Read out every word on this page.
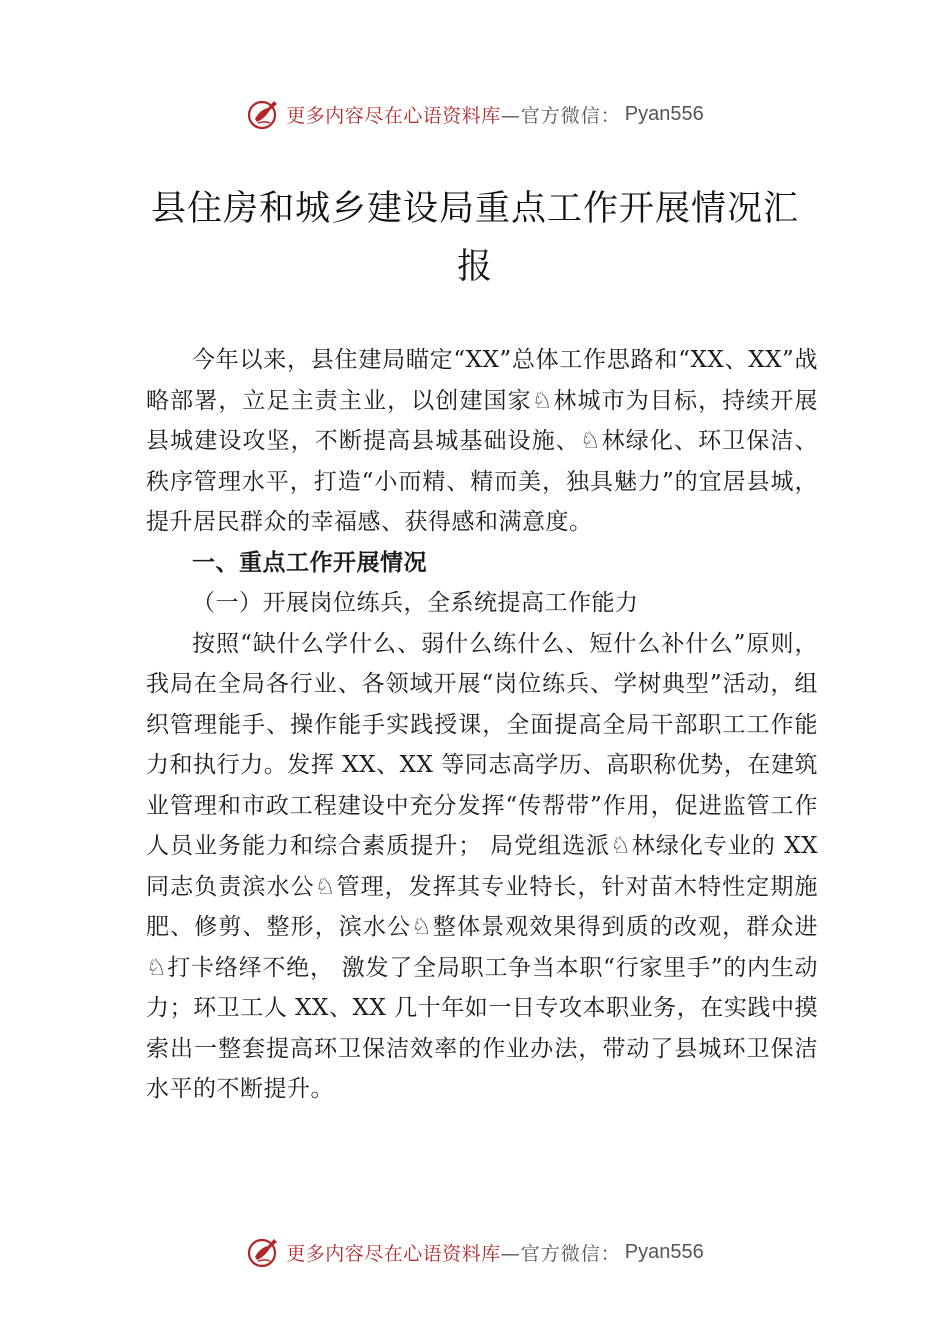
更多内容尽在心语资料库 —官方微信： Pyan556
县住房和城乡建设局重点工作开展情况汇报

今年以来，县住建局瞄定“XX”总体工作思路和“XX、XX”战略部署，立足主责主业，以创建国家♘林城市为目标，持续开展县城建设攻坚，不断提高县城基础设施、♘林绿化、环卫保洁、秩序管理水平，打造“小而精、精而美，独具魅力”的宜居县城，提升居民群众的幸福感、获得感和满意度。

一、重点工作开展情况

（一）开展岗位练兵，全系统提高工作能力

按照“缺什么学什么、弱什么练什么、短什么补什么”原则，我局在全局各行业、各领域开展“岗位练兵、学树典型”活动，组织管理能手、操作能手实践授课，全面提高全局干部职工工作能力和执行力。发挥 XX、XX 等同志高学历、高职称优势，在建筑业管理和市政工程建设中充分发挥“传帮带”作用，促进监管工作人员业务能力和综合素质提升； 局党组选派♘林绿化专业的 XX 同志负责滨水公♘管理，发挥其专业特长，针对苗木特性定期施肥、修剪、整形，滨水公♘整体景观效果得到质的改观，群众进♘打卡络绎不绝， 激发了全局职工争当本职“行家里手”的内生动力；环卫工人 XX、XX 几十年如一日专攻本职业务，在实践中摸索出一整套提高环卫保洁效率的作业办法，带动了县城环卫保洁水平的不断提升。

更多内容尽在心语资料库 —官方微信： Pyan556
